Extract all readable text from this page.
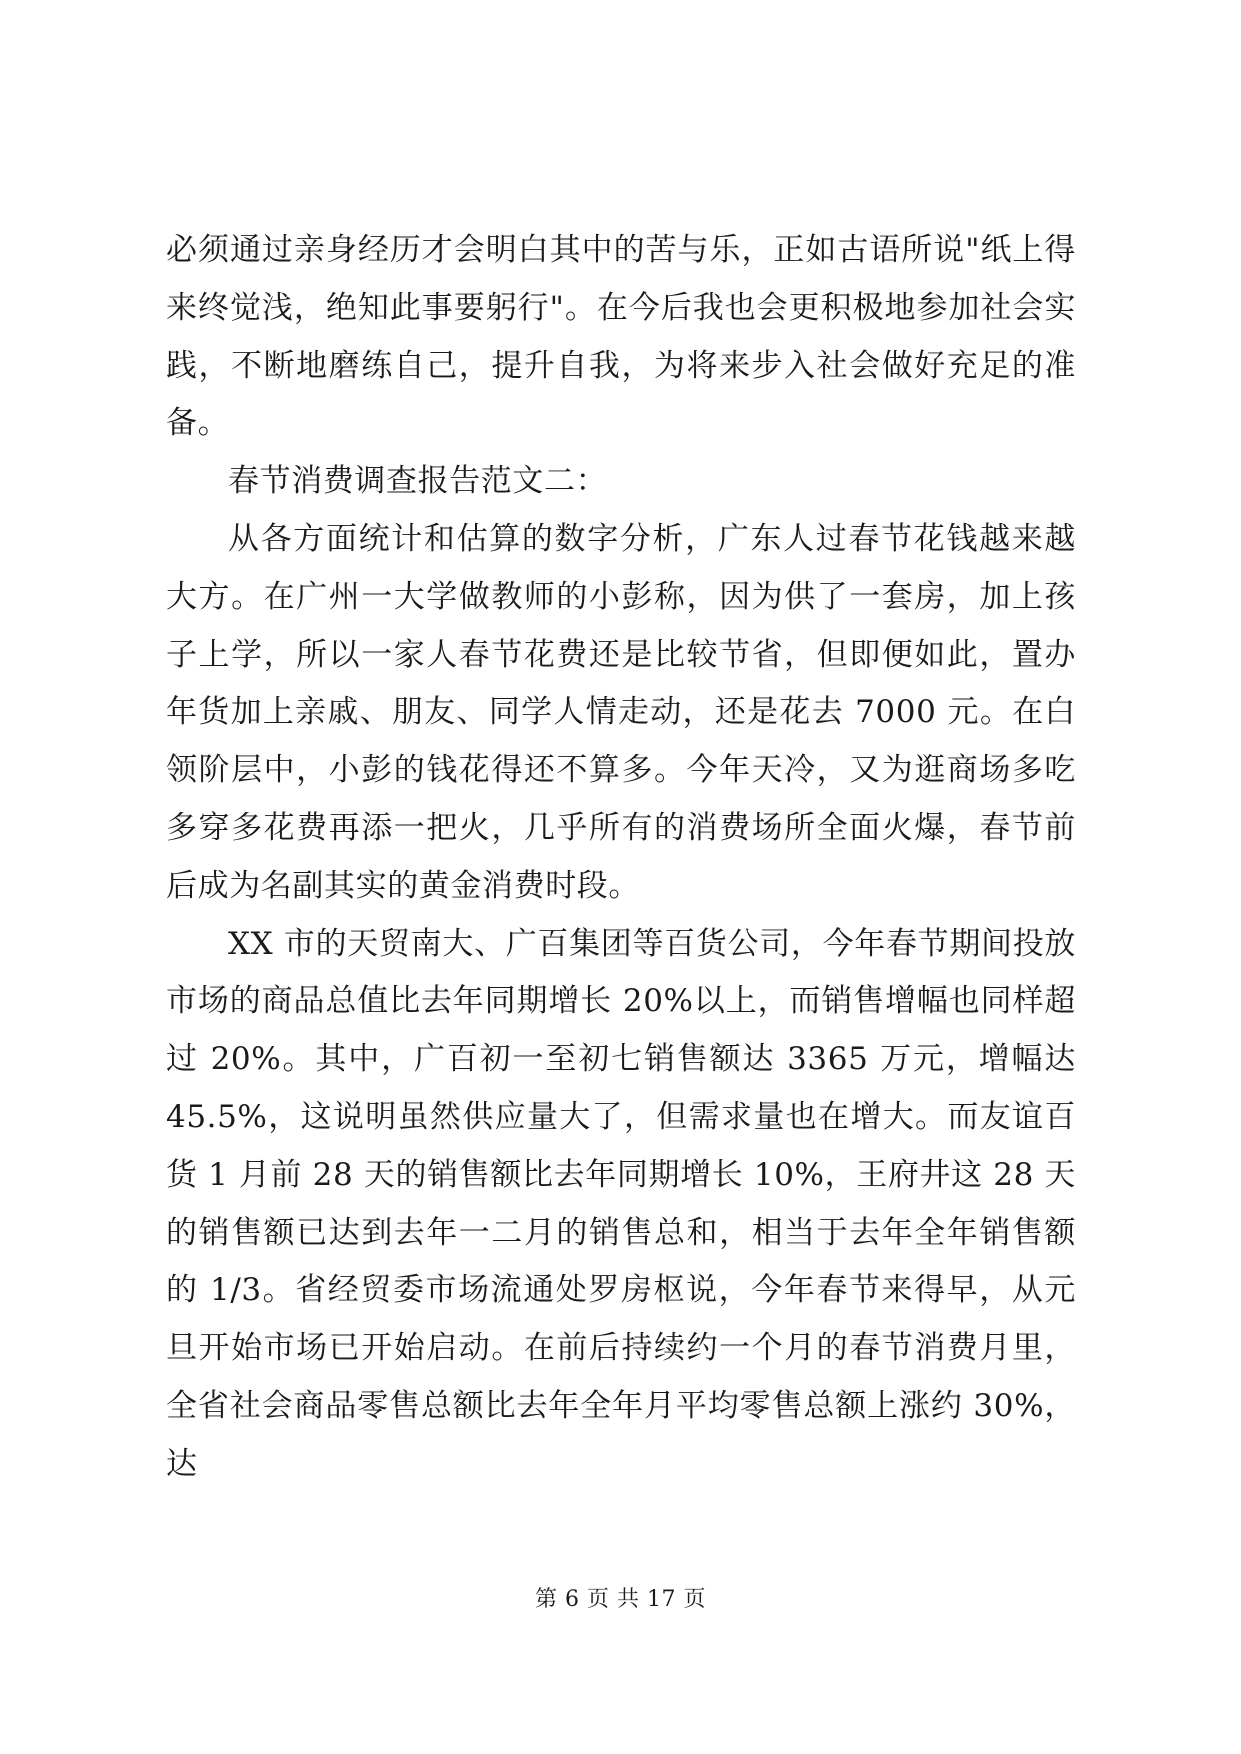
必须通过亲身经历才会明白其中的苦与乐，正如古语所说"纸上得来终觉浅，绝知此事要躬行"。在今后我也会更积极地参加社会实践，不断地磨练自己，提升自我，为将来步入社会做好充足的准备。

春节消费调查报告范文二：

从各方面统计和估算的数字分析，广东人过春节花钱越来越大方。在广州一大学做教师的小彭称，因为供了一套房，加上孩子上学，所以一家人春节花费还是比较节省，但即便如此，置办年货加上亲戚、朋友、同学人情走动，还是花去 7000 元。在白领阶层中，小彭的钱花得还不算多。今年天冷，又为逛商场多吃多穿多花费再添一把火，几乎所有的消费场所全面火爆，春节前后成为名副其实的黄金消费时段。

XX 市的天贸南大、广百集团等百货公司，今年春节期间投放市场的商品总值比去年同期增长 20%以上，而销售增幅也同样超过 20%。其中，广百初一至初七销售额达 3365 万元，增幅达 45.5%，这说明虽然供应量大了，但需求量也在增大。而友谊百货 1 月前 28 天的销售额比去年同期增长 10%，王府井这 28 天的销售额已达到去年一二月的销售总和，相当于去年全年销售额的 1/3。省经贸委市场流通处罗房枢说，今年春节来得早，从元旦开始市场已开始启动。在前后持续约一个月的春节消费月里，全省社会商品零售总额比去年全年月平均零售总额上涨约 30%，达

第 6 页 共 17 页
